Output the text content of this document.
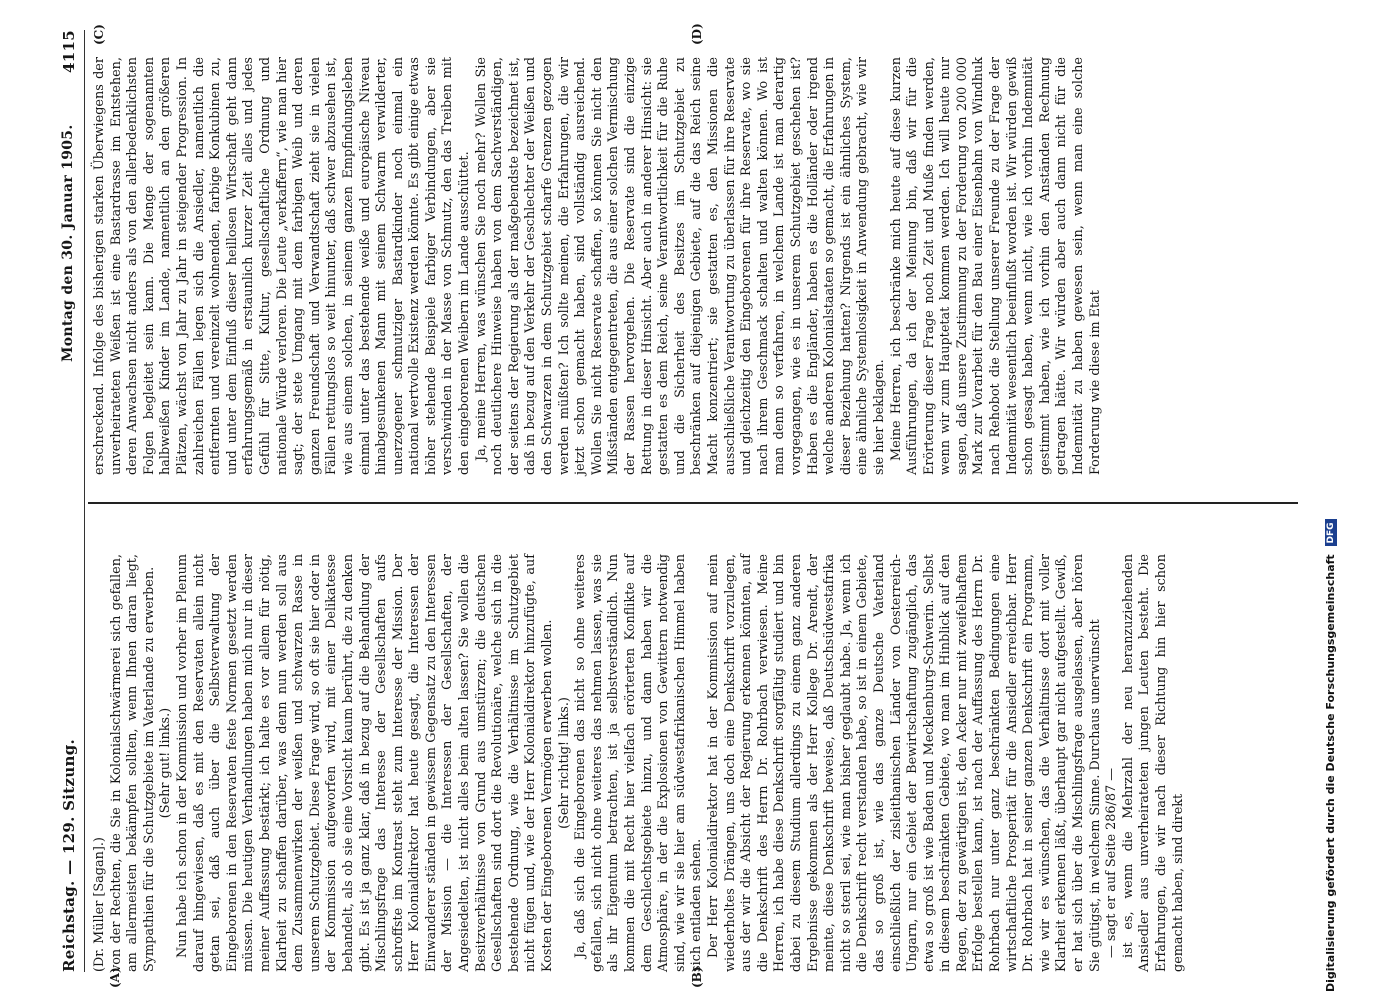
Reichstag. — 129. Sitzung.
Montag den 30. Januar 1905.
4115
(A)	(B)
(C)	(D)

(Dr. Müller [Sagan].) von der Rechten, die Sie in Kolonialschwärmerei sich gefallen, am allermeisten bekämpfen sollten, wenn Ihnen daran liegt, Sympathien für die Schutzgebiete im Vaterlande zu erwerben. (Sehr gut! links.) Nun habe ich schon in der Kommission und vorher im Plenum darauf hingewiesen, daß es mit den Reservaten allein nicht getan sei, daß auch über die Selbstverwaltung der Eingeborenen in den Reservaten feste Normen gesetzt werden müssen. Die heutigen Verhandlungen haben mich nur in dieser meiner Auffassung bestärkt; ich halte es vor allem für nötig, Klarheit zu schaffen darüber, was denn nun werden soll aus dem Zusammenwirken der weißen und schwarzen Rasse in unserem Schutzgebiet. Diese Frage wird, so oft sie hier oder in der Kommission aufgeworfen wird, mit einer Delikatesse behandelt, als ob sie eine Vorsicht kaum berührt, die zu denken gibt. Es ist ja ganz klar, daß in bezug auf die Behandlung der Mischlingsfrage das Interesse der Gesellschaften aufs schroffste im Kontrast steht zum Interesse der Mission. Der Herr Kolonialdirektor hat heute gesagt, die Interessen der Einwanderer ständen in gewissem Gegensatz zu den Interessen der Mission — die Interessen der Gesellschaften, der Angesiedelten, ist nicht alles beim alten lassen? Sie wollen die Besitzverhältnisse von Grund aus umstürzen; die deutschen Gesellschaften sind dort die Revolutionäre, welche sich in die bestehende Ordnung, wie die Verhältnisse im Schutzgebiet nicht fügen und, wie der Herr Kolonialdirektor hinzufügte, auf Kosten der Eingeborenen Vermögen erwerben wollen. (Sehr richtig! links.) Ja, daß sich die Eingeborenen das nicht so ohne weiteres gefallen, sich nicht ohne weiteres das nehmen lassen, was sie als ihr Eigentum betrachten, ist ja selbstverständlich. Nun kommen die mit Recht hier vielfach erörterten Konflikte auf dem Geschlechtsgebiete hinzu, und dann haben wir die Atmosphäre, in der die Explosionen von Gewittern notwendig sind, wie wir sie hier am südwestafrikanischen Himmel haben sich entladen sehen. Der Herr Kolonialdirektor hat in der Kommission auf mein wiederholtes Drängen, uns doch eine Denkschrift vorzulegen, aus der wir die Absicht der Regierung erkennen könnten, auf die Denkschrift des Herrn Dr. Rohrbach verwiesen. Meine Herren, ich habe diese Denkschrift sorgfältig studiert und bin dabei zu diesem Studium allerdings zu einem ganz anderen Ergebnisse gekommen als der Herr Kollege Dr. Arendt, der meinte, diese Denkschrift beweise, daß Deutschsüdwestafrika nicht so steril sei, wie man bisher geglaubt habe. Ja, wenn ich die Denkschrift recht verstanden habe, so ist in einem Gebiete, das so groß ist, wie das ganze Deutsche Vaterland einschließlich der zisleithanischen Länder von Oesterreich-Ungarn, nur ein Gebiet der Bewirtschaftung zugänglich, das etwa so groß ist wie Baden und Mecklenburg-Schwerin. Selbst in diesem beschränkten Gebiete, wo man im Hinblick auf den Regen, der zu gewärtigen ist, den Acker nur mit zweifelhaftem Erfolge bestellen kann, ist nach der Auffassung des Herrn Dr. Rohrbach nur unter ganz beschränkten Bedingungen eine wirtschaftliche Prosperität für die Ansiedler erreichbar. Herr Dr. Rohrbach hat in seiner ganzen Denkschrift ein Programm, wie wir es wünschen, das die Verhältnisse dort mit voller Klarheit erkennen läßt, überhaupt gar nicht aufgestellt. Gewiß, er hat sich über die Mischlingsfrage ausgelassen, aber hören Sie gütigst, in welchem Sinne. Durchaus unerwünscht — sagt er auf Seite 286/87 — ist es, wenn die Mehrzahl der neu heranzuziehenden Ansiedler aus unverheirateten jungen Leuten besteht. Die Erfahrungen, die wir nach dieser Richtung hin hier schon gemacht haben, sind direkt

erschreckend. Infolge des bisherigen starken Überwiegens der unverheirateten Weißen ist eine Bastardrasse im Entstehen, deren Anwachsen nicht anders als von den allerbedenklichsten Folgen begleitet sein kann. Die Menge der sogenannten halbweißen Kinder im Lande, namentlich an den größeren Plätzen, wächst von Jahr zu Jahr in steigender Progression. In zahlreichen Fällen legen sich die Ansiedler, namentlich die entfernten und vereinzelt wohnenden, farbige Konkubinen zu, und unter dem Einfluß dieser heillosen Wirtschaft geht dann erfahrungsgemäß in erstaunlich kurzer Zeit alles und jedes Gefühl für Sitte, Kultur, gesellschaftliche Ordnung und nationale Würde verloren. Die Leute „verkaffern“, wie man hier sagt; der stete Umgang mit dem farbigen Weib und deren ganzen Freundschaft und Verwandtschaft zieht sie in vielen Fällen rettungslos so weit hinunter, daß schwer abzusehen ist, wie aus einem solchen, in seinem ganzen Empfindungsleben einmal unter das bestehende weiße und europäische Niveau hinabgesunkenen Mann mit seinem Schwarm verwilderter, unerzogener schmutziger Bastardkinder noch einmal ein national wertvolle Existenz werden könnte. Es gibt einige etwas höher stehende Beispiele farbiger Verbindungen, aber sie verschwinden in der Masse von Schmutz, den das Treiben mit den eingeborenen Weibern im Lande ausschüttet. Ja, meine Herren, was wünschen Sie noch mehr? Wollen Sie noch deutlichere Hinweise haben von dem Sachverständigen, der seitens der Regierung als der maßgebendste bezeichnet ist, daß in bezug auf den Verkehr der Geschlechter der Weißen und den Schwarzen in dem Schutzgebiet scharfe Grenzen gezogen werden müßten? Ich sollte meinen, die Erfahrungen, die wir jetzt schon gemacht haben, sind vollständig ausreichend. Wollen Sie nicht Reservate schaffen, so können Sie nicht den Mißständen entgegentreten, die aus einer solchen Vermischung der Rassen hervorgehen. Die Reservate sind die einzige Rettung in dieser Hinsicht. Aber auch in anderer Hinsicht: sie gestatten es dem Reich, seine Verantwortlichkeit für die Ruhe und die Sicherheit des Besitzes im Schutzgebiet zu beschränken auf diejenigen Gebiete, auf die das Reich seine Macht konzentriert; sie gestatten es, den Missionen die ausschließliche Verantwortung zu überlassen für ihre Reservate und gleichzeitig den Eingeborenen für ihre Reservate, wo sie nach ihrem Geschmack schalten und walten können. Wo ist man denn so verfahren, in welchem Lande ist man derartig vorgegangen, wie es in unserem Schutzgebiet geschehen ist? Haben es die Engländer, haben es die Holländer oder irgend welche anderen Kolonialstaaten so gemacht, die Erfahrungen in dieser Beziehung hatten? Nirgends ist ein ähnliches System, eine ähnliche Systemlosigkeit in Anwendung gebracht, wie wir sie hier beklagen. Meine Herren, ich beschränke mich heute auf diese kurzen Ausführungen, da ich der Meinung bin, daß wir für die Erörterung dieser Frage noch Zeit und Muße finden werden, wenn wir zum Hauptetat kommen werden. Ich will heute nur sagen, daß unsere Zustimmung zu der Forderung von 200 000 Mark zur Vorarbeit für den Bau einer Eisenbahn von Windhuk nach Rehobot die Stellung unserer Freunde zu der Frage der Indemnität wesentlich beeinflußt worden ist. Wir würden gewiß schon gesagt haben, wenn nicht, wie ich vorhin Indemnität gestimmt haben, wie ich vorhin den Anständen Rechnung getragen hätte. Wir würden aber auch dann nicht für die Indemnität zu haben gewesen sein, wenn man eine solche Forderung wie diese im Etat

Digitalisierung gefördert durch die Deutsche Forschungsgemeinschaft DFG
